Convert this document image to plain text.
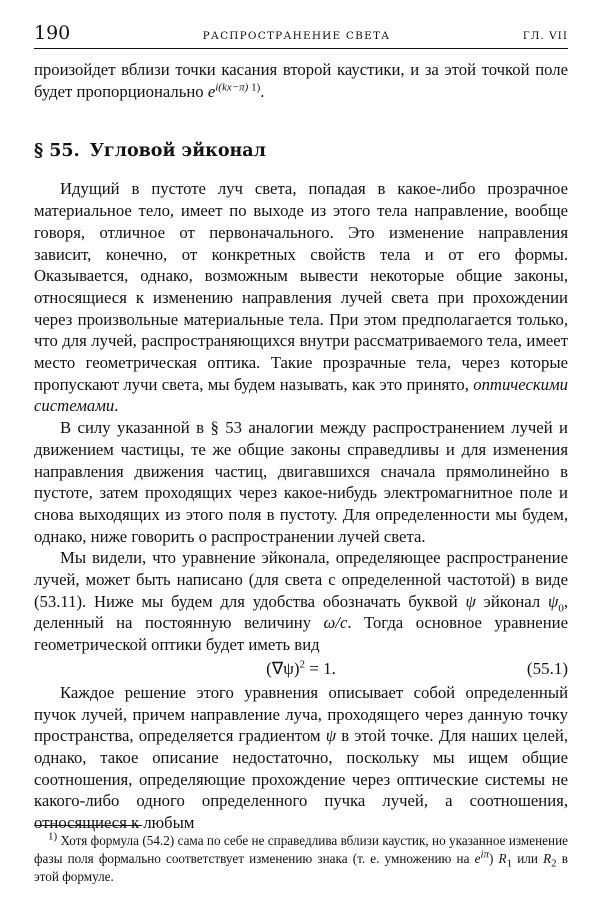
190	РАСПРОСТРАНЕНИЕ СВЕТА	ГЛ. VII

произойдет вблизи точки касания второй каустики, и за этой точкой поле будет пропорционально $e^{i(kx-\pi) 1)}$.

§ 55. Угловой эйконал

Идущий в пустоте луч света, попадая в какое-либо прозрачное материальное тело, имеет по выходе из этого тела направление, вообще говоря, отличное от первоначального. Это изменение направления зависит, конечно, от конкретных свойств тела и от его формы. Оказывается, однако, возможным вывести некоторые общие законы, относящиеся к изменению направления лучей света при прохождении через произвольные материальные тела. При этом предполагается только, что для лучей, распространяющихся внутри рассматриваемого тела, имеет место геометрическая оптика. Такие прозрачные тела, через которые пропускают лучи света, мы будем называть, как это принято, оптическими системами.

В силу указанной в § 53 аналогии между распространением лучей и движением частицы, те же общие законы справедливы и для изменения направления движения частиц, двигавшихся сначала прямолинейно в пустоте, затем проходящих через какое-нибудь электромагнитное поле и снова выходящих из этого поля в пустоту. Для определенности мы будем, однако, ниже говорить о распространении лучей света.

Мы видели, что уравнение эйконала, определяющее распространение лучей, может быть написано (для света с определенной частотой) в виде (53.11). Ниже мы будем для удобства обозначать буквой ψ эйконал $\psi_0$, деленный на постоянную величину ω/c. Тогда основное уравнение геометрической оптики будет иметь вид

$(\nabla\psi)^2 = 1$.	(55.1)

Каждое решение этого уравнения описывает собой определенный пучок лучей, причем направление луча, проходящего через данную точку пространства, определяется градиентом ψ в этой точке. Для наших целей, однако, такое описание недостаточно, поскольку мы ищем общие соотношения, определяющие прохождение через оптические системы не какого-либо одного определенного пучка лучей, а соотношения, относящиеся к любым

$^{1)}$ Хотя формула (54.2) сама по себе не справедлива вблизи каустик, но указанное изменение фазы поля формально соответствует изменению знака (т. е. умножению на $e^{i\pi}$) $R_1$ или $R_2$ в этой формуле.
